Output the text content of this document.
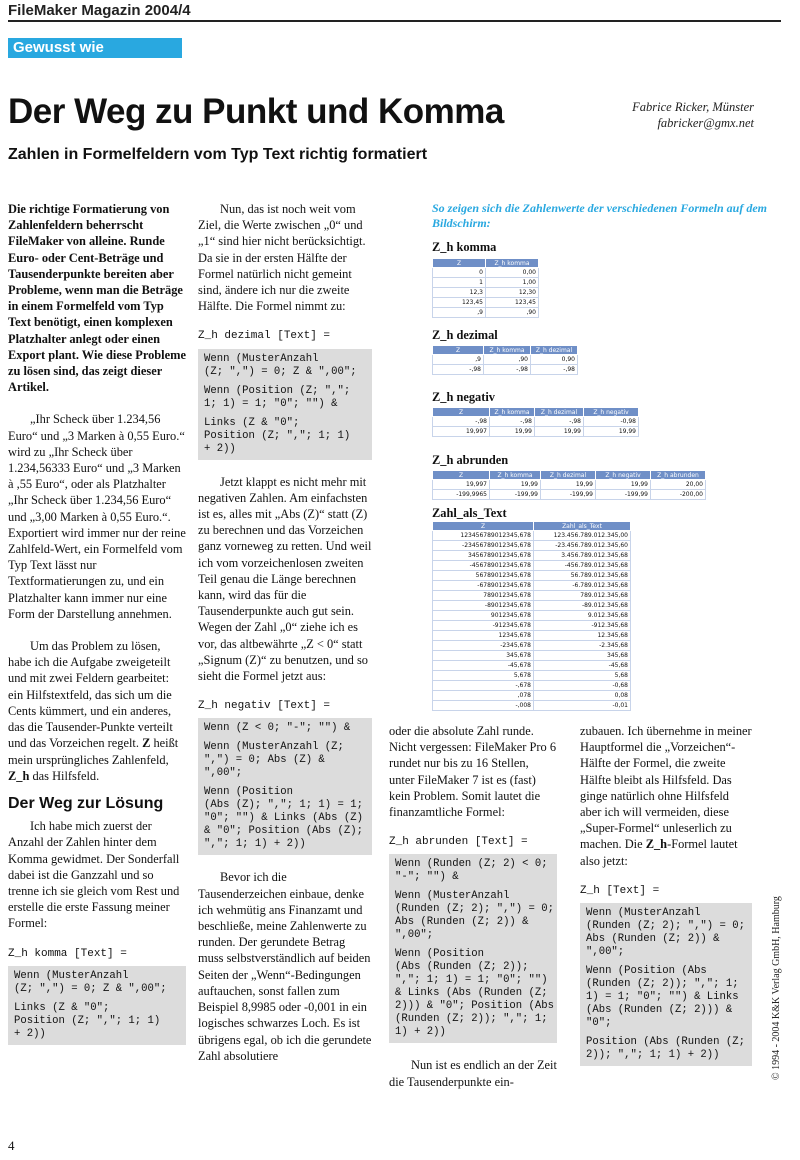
FileMaker Magazin 2004/4
Gewusst wie
Der Weg zu Punkt und Komma	Fabrice Ricker, Münster
fabricker@gmx.net
Zahlen in Formelfeldern vom Typ Text richtig formatiert

Die richtige Formatierung von Zahlenfeldern beherrscht FileMaker von alleine. Runde Euro- oder Cent-Beträge und Tausenderpunkte bereiten aber Probleme, wenn man die Beträge in einem Formelfeld vom Typ Text benötigt, einen komplexen Platzhalter anlegt oder einen Export plant. Wie diese Probleme zu lösen sind, das zeigt dieser Artikel.

„Ihr Scheck über 1.234,56 Euro“ und „3 Marken à 0,55 Euro.“ wird zu „Ihr Scheck über 1.234,56333 Euro“ und „3 Marken à ,55 Euro“, oder als Platzhalter „Ihr Scheck über 1.234,56 Euro“ und „3,00 Marken à 0,55 Euro.“. Exportiert wird immer nur der reine Zahlfeld-Wert, ein Formelfeld vom Typ Text lässt nur Textformatierungen zu, und ein Platzhalter kann immer nur eine Form der Darstellung annehmen.

Um das Problem zu lösen, habe ich die Aufgabe zweigeteilt und mit zwei Feldern gearbeitet: ein Hilfstextfeld, das sich um die Cents kümmert, und ein anderes, das die Tausender-Punkte verteilt und das Vorzeichen regelt. Z heißt mein ursprüngliches Zahlenfeld, Z_h das Hilfsfeld.

Der Weg zur Lösung

Ich habe mich zuerst der Anzahl der Zahlen hinter dem Komma gewidmet. Der Sonderfall dabei ist die Ganzzahl und so trenne ich sie gleich vom Rest und erstelle die erste Fassung meiner Formel:

Z_h komma [Text] =

Wenn (MusterAnzahl
(Z; ",") = 0; Z & ",00";
Links (Z & "0";
Position (Z; ","; 1; 1)
+ 2))

Nun, das ist noch weit vom Ziel, die Werte zwischen „0“ und „1“ sind hier nicht berücksichtigt. Da sie in der ersten Hälfte der Formel natürlich nicht gemeint sind, ändere ich nur die zweite Hälfte. Die Formel nimmt zu:

Z_h dezimal [Text] =

Wenn (MusterAnzahl
(Z; ",") = 0; Z & ",00";
Wenn (Position (Z; ",";
1; 1) = 1; "0"; "") &
Links (Z & "0";
Position (Z; ","; 1; 1)
+ 2))

Jetzt klappt es nicht mehr mit negativen Zahlen. Am einfachsten ist es, alles mit „Abs (Z)“ statt (Z) zu berechnen und das Vorzeichen ganz vorneweg zu retten. Und weil ich vom vorzeichenlosen zweiten Teil genau die Länge berechnen kann, wird das für die Tausenderpunkte auch gut sein. Wegen der Zahl „0“ ziehe ich es vor, das altbewährte „Z < 0“ statt „Signum (Z)“ zu benutzen, und so sieht die Formel jetzt aus:

Z_h negativ [Text] =

Wenn (Z < 0; "-"; "") &
Wenn (MusterAnzahl (Z;
",") = 0; Abs (Z) &
",00";
Wenn (Position
(Abs (Z); ","; 1; 1) = 1;
"0"; "") & Links (Abs (Z)
& "0"; Position (Abs (Z);
","; 1; 1) + 2))

Bevor ich die Tausenderzeichen einbaue, denke ich wehmütig ans Finanzamt und beschließe, meine Zahlenwerte zu runden. Der gerundete Betrag muss selbstverständlich auf beiden Seiten der „Wenn“-Bedingungen auftauchen, sonst fallen zum Beispiel 8,9985 oder -0,001 in ein logisches schwarzes Loch. Es ist übrigens egal, ob ich die gerundete Zahl absolutiere

So zeigen sich die Zahlenwerte der verschiedenen Formeln auf dem Bildschirm:
Z_h komma
Z	Z_h komma
0	0,00
1	1,00
12,3	12,30
123,45	123,45
,9	,90
Z_h dezimal
Z	Z_h komma	Z_h dezimal
,9	,90	0,90
-,98	-,98	-,98
Z_h negativ
Z	Z_h komma	Z_h dezimal	Z_h negativ
-,98	-,98	-,98	-0,98
19,997	19,99	19,99	19,99
Z_h abrunden
Z	Z_h komma	Z_h dezimal	Z_h negativ	Z_h abrunden
19,997	19,99	19,99	19,99	20,00
-199,9965	-199,99	-199,99	-199,99	-200,00
Zahl_als_Text
Z	Zahl_als_Text
123456789012345,678	123.456.789.012.345,00
-23456789012345,678	-23.456.789.012.345,60
3456789012345,678	3.456.789.012.345,68
-456789012345,678	-456.789.012.345,68
56789012345,678	56.789.012.345,68
-6789012345,678	-6.789.012.345,68
789012345,678	789.012.345,68
-89012345,678	-89.012.345,68
9012345,678	9.012.345,68
-912345,678	-912.345,68
12345,678	12.345,68
-2345,678	-2.345,68
345,678	345,68
-45,678	-45,68
5,678	5,68
-,678	-0,68
,078	0,08
-,008	-0,01

oder die absolute Zahl runde. Nicht vergessen: FileMaker Pro 6 rundet nur bis zu 16 Stellen, unter FileMaker 7 ist es (fast) kein Problem. Somit lautet die finanzamtliche Formel:

Z_h abrunden [Text] =

Wenn (Runden (Z; 2) < 0;
"-"; "") &
Wenn (MusterAnzahl
(Runden (Z; 2); ",") = 0;
Abs (Runden (Z; 2)) &
",00";
Wenn (Position
(Abs (Runden (Z; 2));
","; 1; 1) = 1; "0"; "")
& Links (Abs (Runden (Z;
2))) & "0"; Position (Abs
(Runden (Z; 2)); ","; 1;
1) + 2))

Nun ist es endlich an der Zeit die Tausenderpunkte ein-

zubauen. Ich übernehme in meiner Hauptformel die „Vorzeichen“-Hälfte der Formel, die zweite Hälfte bleibt als Hilfsfeld. Das ginge natürlich ohne Hilfsfeld aber ich will vermeiden, diese „Super-Formel“ unleserlich zu machen. Die Z_h-Formel lautet also jetzt:

Z_h [Text] =

Wenn (MusterAnzahl
(Runden (Z; 2); ",") = 0;
Abs (Runden (Z; 2)) &
",00";
Wenn (Position (Abs
(Runden (Z; 2)); ","; 1;
1) = 1; "0"; "") & Links
(Abs (Runden (Z; 2))) &
"0";
Position (Abs (Runden (Z;
2)); ","; 1; 1) + 2))	© 1994 - 2004 K&K Verlag GmbH, Hamburg
4
